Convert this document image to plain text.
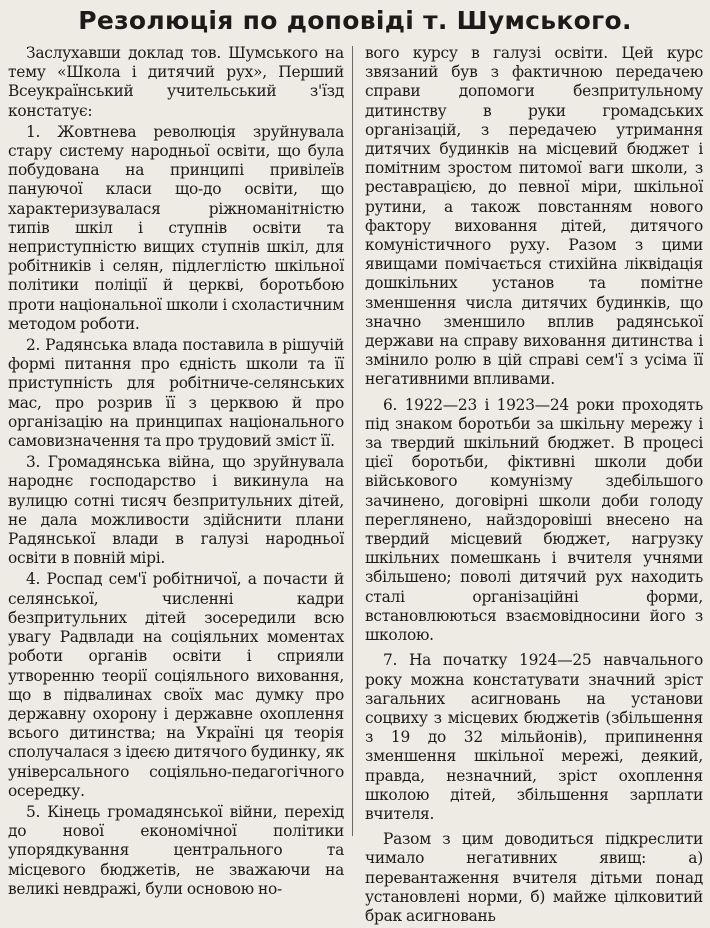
Резолюція по доповіді т. Шумського.

Заслухавши доклад тов. Шумського на тему «Школа і дитячий рух», Перший Всеукраїнський учительський з'їзд констатує:

1. Жовтнева революція зруйнувала стару систему народньої освіти, що була побудована на принципі привілеїв пануючої класи що-до освіти, що характеризувалася ріжноманітністю типів шкіл і ступнів освіти та неприступністю вищих ступнів шкіл, для робітників і селян, підлеглістю шкільної політики поліції й церкві, боротьбою проти національної школи і схоластичним методом роботи.

2. Радянська влада поставила в рішучій формі питання про єдність школи та її приступність для робітниче-селянських мас, про розрив її з церквою й про організацію на принципах національного самовизначення та про трудовий зміст її.

3. Громадянська війна, що зруйнувала народнє господарство і викинула на вулицю сотні тисяч безпритульних дітей, не дала можливости здійснити плани Радянської влади в галузі народньої освіти в повній мірі.

4. Роспад сем'ї робітничої, а почасти й селянської, численні кадри безпритульних дітей зосередили всю увагу Радвлади на соціяльних моментах роботи органів освіти і сприяли утворенню теорії соціяльного виховання, що в підвалинах своїх мас думку про державну охорону і державне охоплення всього дитинства; на Україні ця теорія сполучалася з ідеєю дитячого будинку, як універсального соціяльно-педагогічного осередку.

5. Кінець громадянської війни, перехід до нової економічної політики упорядкування центрального та місцевого бюджетів, не зважаючи на великі невдражі, були основою но-

вого курсу в галузі освіти. Цей курс звязаний був з фактичною передачею справи допомоги безпритульному дитинству в руки громадських організацій, з передачею утримання дитячих будинків на місцевий бюджет і помітним зростом питомої ваги школи, з реставрацією, до певної міри, шкільної рутини, а також повстанням нового фактору виховання дітей, дитячого комуністичного руху. Разом з цими явищами помічається стихійна ліквідація дошкільних установ та помітне зменшення числа дитячих будинків, що значно зменшило вплив радянської держави на справу виховання дитинства і змінило ролю в цій справі сем'ї з усіма її негативними впливами.

6. 1922—23 і 1923—24 роки проходять під знаком боротьби за шкільну мережу і за твердий шкільний бюджет. В процесі цієї боротьби, фіктивні школи доби військового комунізму здебільшого зачинено, договірні школи доби голоду переглянено, найздоровіші внесено на твердий місцевий бюджет, нагрузку шкільних помешкань і вчителя учнями збільшено; поволі дитячий рух находить сталі організаційні форми, встановлюються взаємовідносини його з школою.

7. На початку 1924—25 навчального року можна констатувати значний зріст загальних асигновань на установи соцвиху з місцевих бюджетів (збільшення з 19 до 32 мільйонів), припинення зменшення шкільної мережі, деякий, правда, незначний, зріст охоплення школою дітей, збільшення зарплати вчителя.

Разом з цим доводиться підкреслити чимало негативних явищ: а) перевантаження вчителя дітьми понад установлені норми, б) майже цілковитий брак асигновань
